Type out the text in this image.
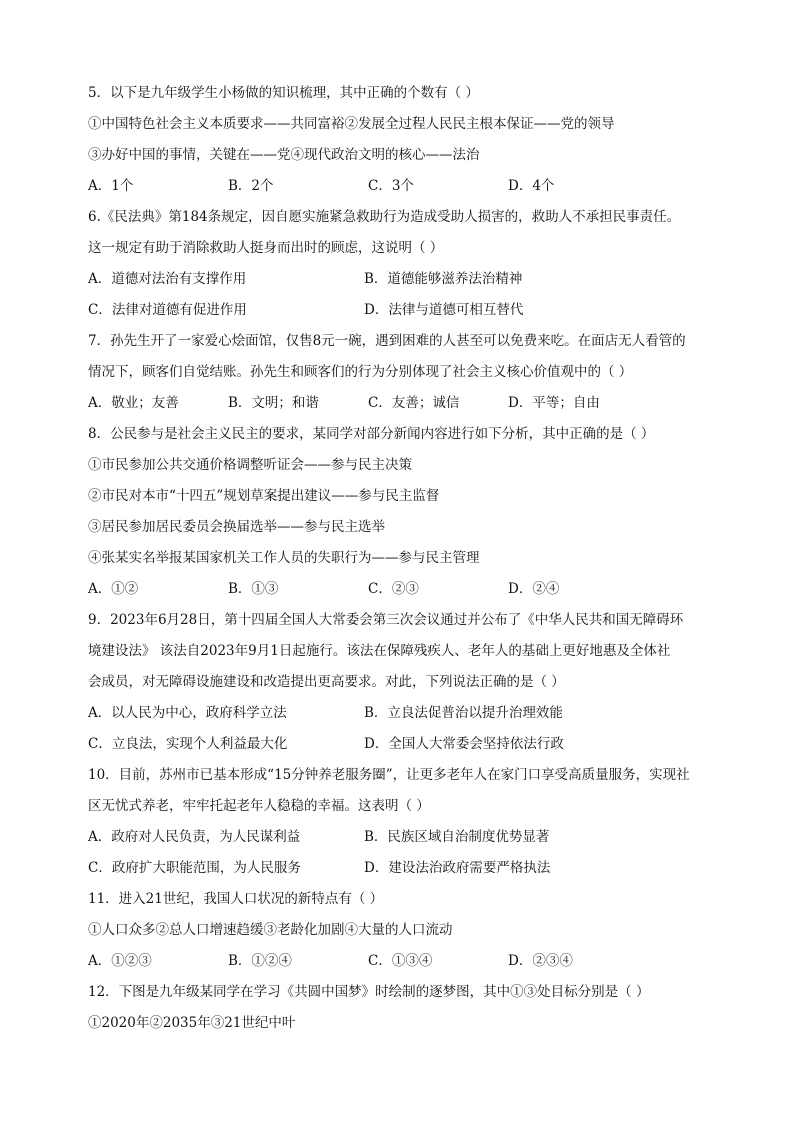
5．以下是九年级学生小杨做的知识梳理，其中正确的个数有（ ）
①中国特色社会主义本质要求——共同富裕②发展全过程人民民主根本保证——党的领导
③办好中国的事情，关键在——党④现代政治文明的核心——法治
A．1个	B．2个	C．3个	D．4个
6.《民法典》第184条规定，因自愿实施紧急救助行为造成受助人损害的，救助人不承担民事责任。
这一规定有助于消除救助人挺身而出时的顾虑，这说明（ ）
A．道德对法治有支撑作用	B．道德能够滋养法治精神
C．法律对道德有促进作用	D．法律与道德可相互替代
7．孙先生开了一家爱心烩面馆，仅售8元一碗，遇到困难的人甚至可以免费来吃。在面店无人看管的
情况下，顾客们自觉结账。孙先生和顾客们的行为分别体现了社会主义核心价值观中的（ ）
A．敬业；友善	B．文明；和谐	C．友善；诚信	D．平等；自由
8．公民参与是社会主义民主的要求，某同学对部分新闻内容进行如下分析，其中正确的是（ ）
①市民参加公共交通价格调整听证会——参与民主决策
②市民对本市“十四五”规划草案提出建议——参与民主监督
③居民参加居民委员会换届选举——参与民主选举
④张某实名举报某国家机关工作人员的失职行为——参与民主管理
A．①②	B．①③	C．②③	D．②④
9．2023年6月28日，第十四届全国人大常委会第三次会议通过并公布了《中华人民共和国无障碍环
境建设法》 该法自2023年9月1日起施行。该法在保障残疾人、老年人的基础上更好地惠及全体社
会成员，对无障碍设施建设和改造提出更高要求。对此，下列说法正确的是（ ）
A．以人民为中心，政府科学立法	B．立良法促普治以提升治理效能
C．立良法，实现个人利益最大化	D．全国人大常委会坚持依法行政
10．目前，苏州市已基本形成“15分钟养老服务圈”，让更多老年人在家门口享受高质量服务，实现社
区无忧式养老，牢牢托起老年人稳稳的幸福。这表明（ ）
A．政府对人民负责，为人民谋利益	B．民族区域自治制度优势显著
C．政府扩大职能范围，为人民服务	D．建设法治政府需要严格执法
11．进入21世纪，我国人口状况的新特点有（ ）
①人口众多②总人口增速趋缓③老龄化加剧④大量的人口流动
A．①②③	B．①②④	C．①③④	D．②③④
12．下图是九年级某同学在学习《共圆中国梦》时绘制的逐梦图，其中①③处目标分别是（ ）
①2020年②2035年③21世纪中叶
